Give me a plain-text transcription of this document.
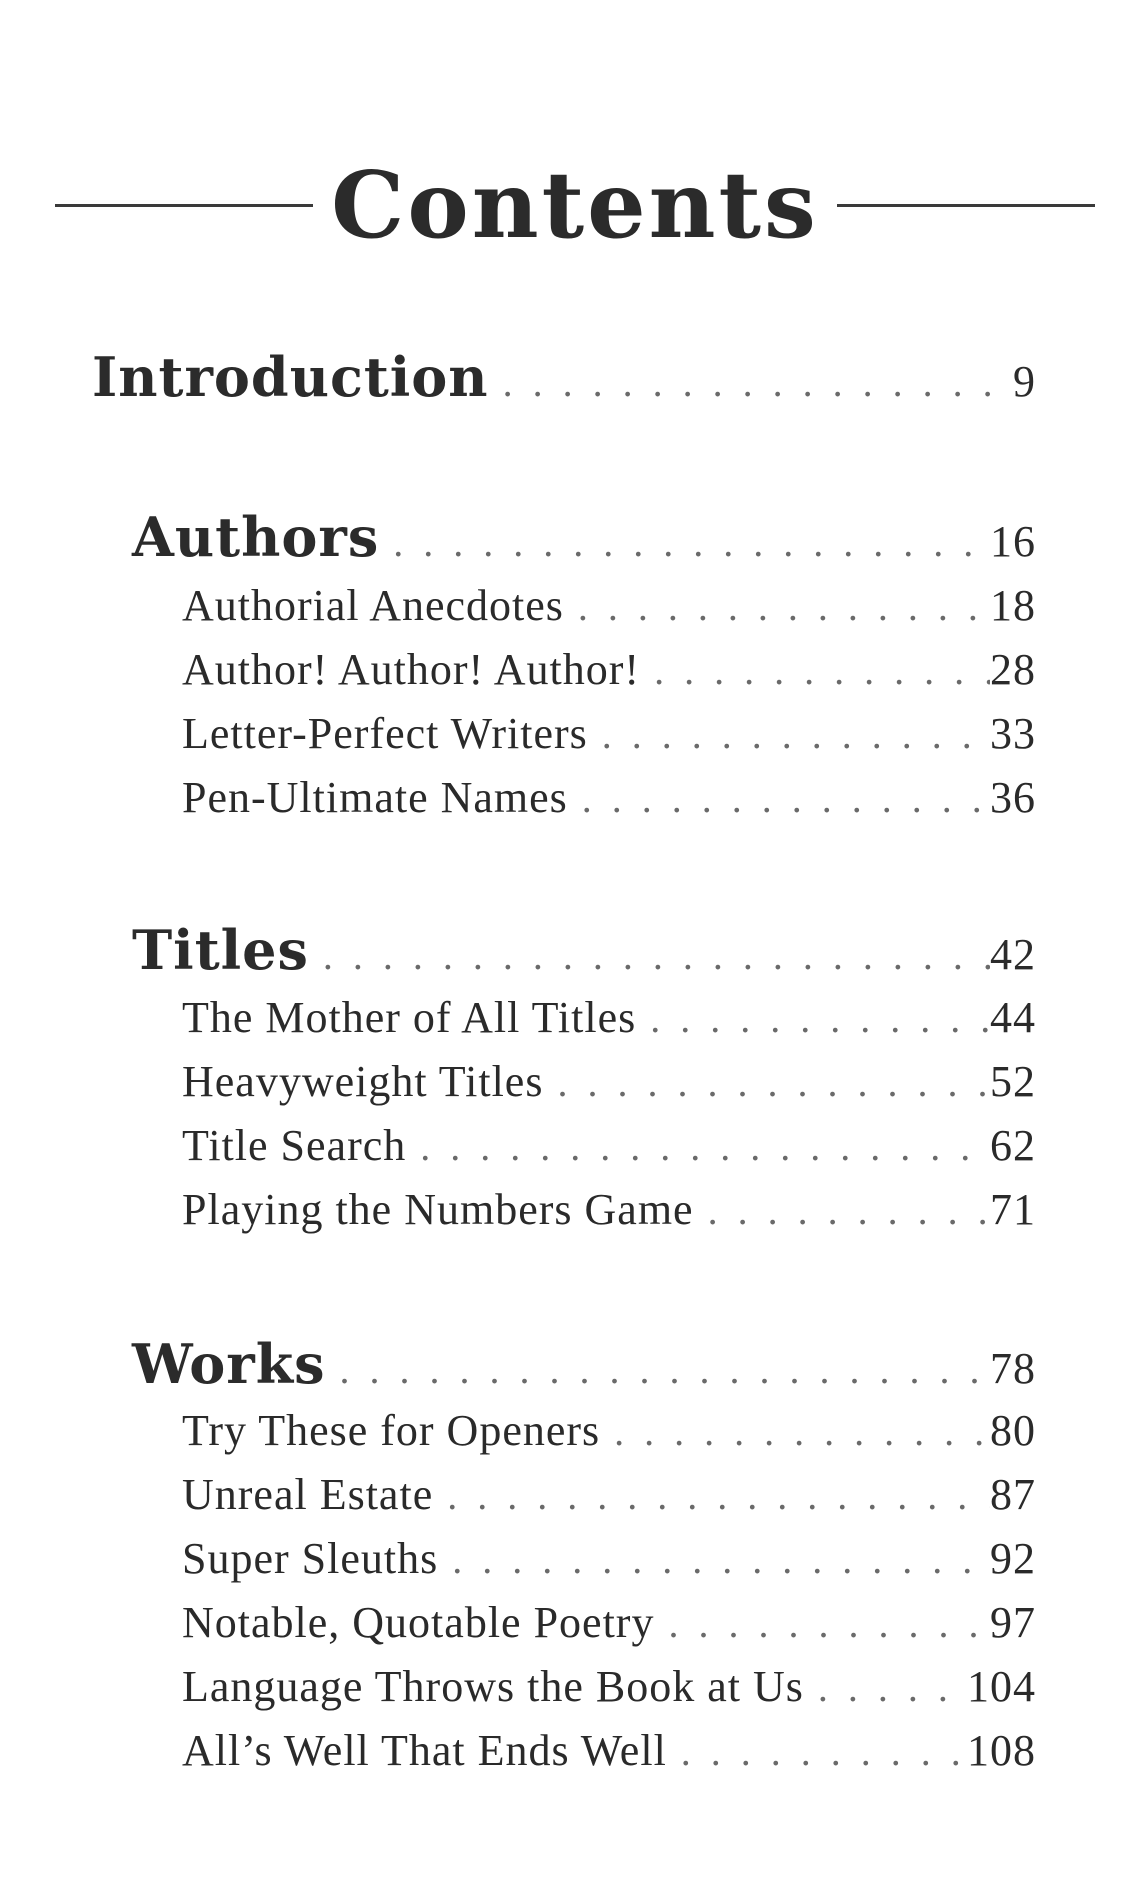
Contents
Introduction . . .	9
Authors . . .	16
Authorial Anecdotes . . .	18
Author! Author! Author! . . .	28
Letter-Perfect Writers . . .	33
Pen-Ultimate Names . . .	36
Titles . . .	42
The Mother of All Titles . . .	44
Heavyweight Titles . . .	52
Title Search . . .	62
Playing the Numbers Game . . .	71
Works . . .	78
Try These for Openers . . .	80
Unreal Estate . . .	87
Super Sleuths . . .	92
Notable, Quotable Poetry . . .	97
Language Throws the Book at Us . . .	104
All’s Well That Ends Well . . .	108
